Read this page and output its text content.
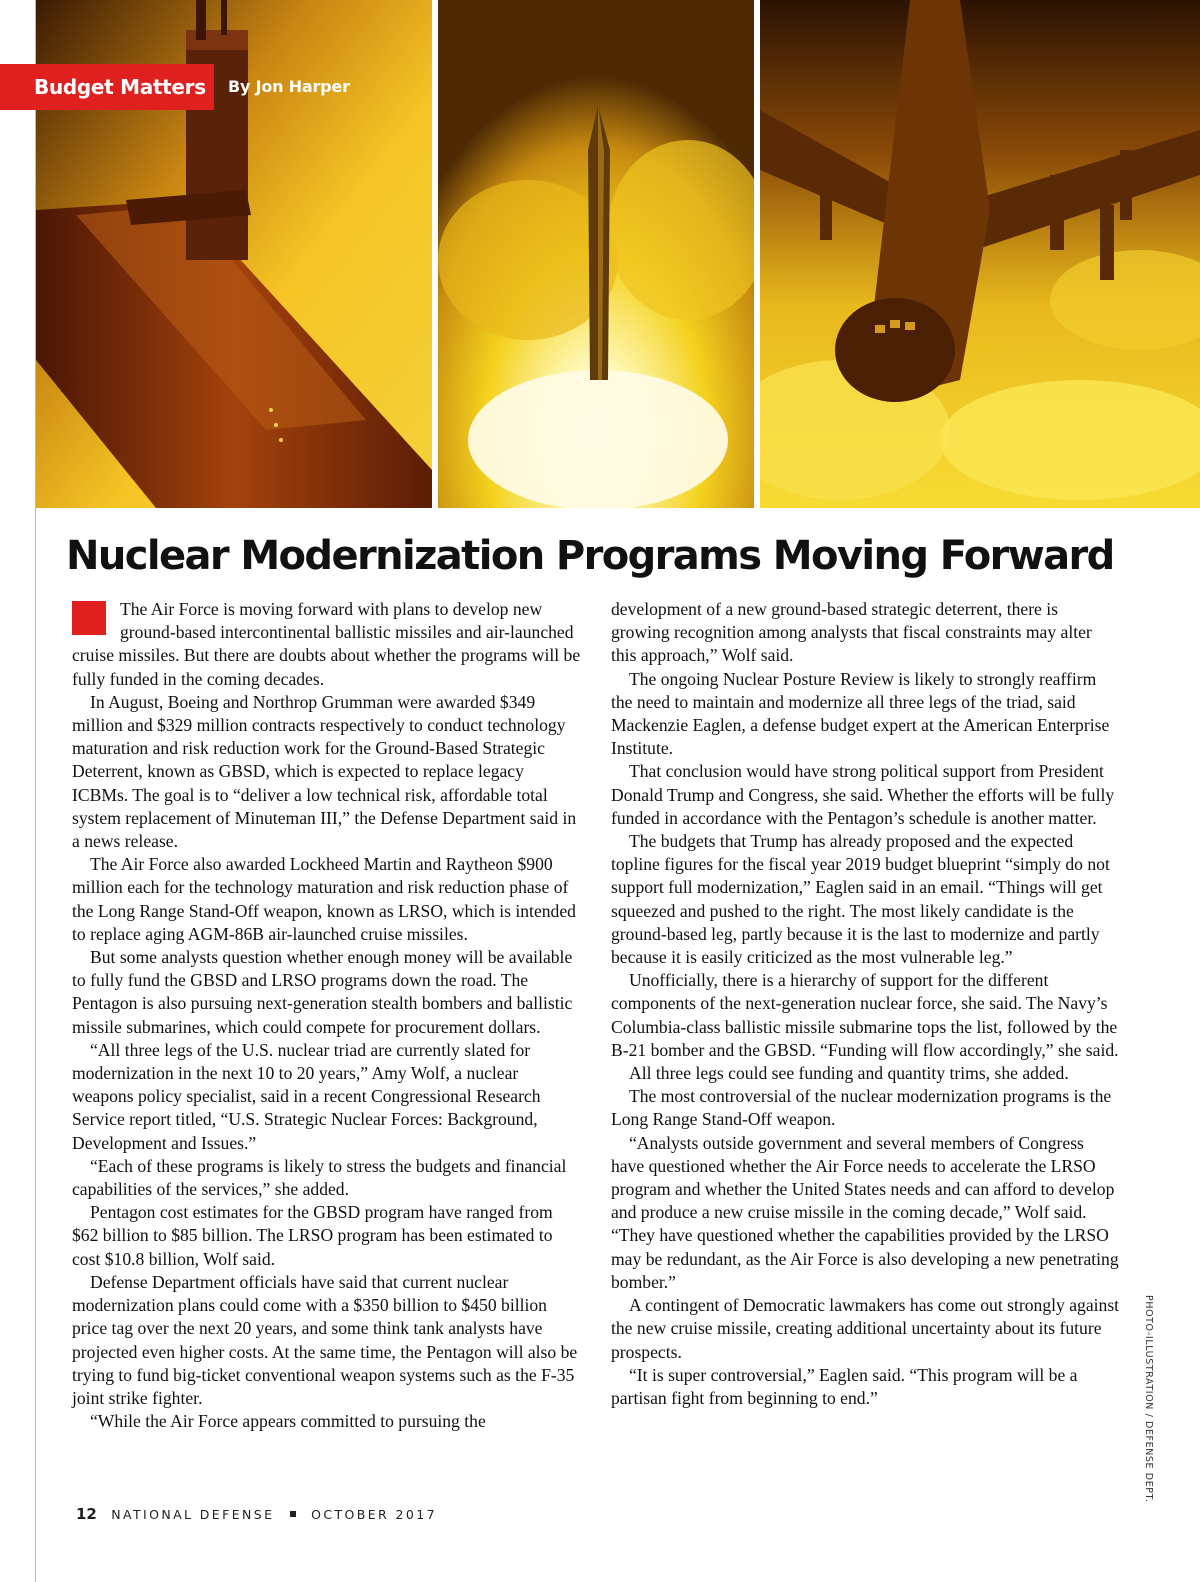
Budget Matters	By Jon Harper
Nuclear Modernization Programs Moving Forward

The Air Force is moving forward with plans to develop new ground-based intercontinental ballistic missiles and air-launched cruise missiles. But there are doubts about whether the programs will be fully funded in the coming decades.

In August, Boeing and Northrop Grumman were awarded $349 million and $329 million contracts respectively to conduct technology maturation and risk reduction work for the Ground-Based Strategic Deterrent, known as GBSD, which is expected to replace legacy ICBMs. The goal is to “deliver a low technical risk, affordable total system replacement of Minuteman III,” the Defense Department said in a news release.

The Air Force also awarded Lockheed Martin and Raytheon $900 million each for the technology maturation and risk reduction phase of the Long Range Stand-Off weapon, known as LRSO, which is intended to replace aging AGM-86B air-launched cruise missiles.

But some analysts question whether enough money will be available to fully fund the GBSD and LRSO programs down the road. The Pentagon is also pursuing next-generation stealth bombers and ballistic missile submarines, which could compete for procurement dollars.

“All three legs of the U.S. nuclear triad are currently slated for modernization in the next 10 to 20 years,” Amy Wolf, a nuclear weapons policy specialist, said in a recent Congressional Research Service report titled, “U.S. Strategic Nuclear Forces: Background, Development and Issues.”

“Each of these programs is likely to stress the budgets and financial capabilities of the services,” she added.

Pentagon cost estimates for the GBSD program have ranged from $62 billion to $85 billion. The LRSO program has been estimated to cost $10.8 billion, Wolf said.

Defense Department officials have said that current nuclear modernization plans could come with a $350 billion to $450 billion price tag over the next 20 years, and some think tank analysts have projected even higher costs. At the same time, the Pentagon will also be trying to fund big-ticket conventional weapon systems such as the F-35 joint strike fighter.

“While the Air Force appears committed to pursuing the

development of a new ground-based strategic deterrent, there is growing recognition among analysts that fiscal constraints may alter this approach,” Wolf said.

The ongoing Nuclear Posture Review is likely to strongly reaffirm the need to maintain and modernize all three legs of the triad, said Mackenzie Eaglen, a defense budget expert at the American Enterprise Institute.

That conclusion would have strong political support from President Donald Trump and Congress, she said. Whether the efforts will be fully funded in accordance with the Pentagon’s schedule is another matter.

The budgets that Trump has already proposed and the expected topline figures for the fiscal year 2019 budget blueprint “simply do not support full modernization,” Eaglen said in an email. “Things will get squeezed and pushed to the right. The most likely candidate is the ground-based leg, partly because it is the last to modernize and partly because it is easily criticized as the most vulnerable leg.”

Unofficially, there is a hierarchy of support for the different components of the next-generation nuclear force, she said. The Navy’s Columbia-class ballistic missile submarine tops the list, followed by the B-21 bomber and the GBSD. “Funding will flow accordingly,” she said.

All three legs could see funding and quantity trims, she added.

The most controversial of the nuclear modernization programs is the Long Range Stand-Off weapon.

“Analysts outside government and several members of Congress have questioned whether the Air Force needs to accelerate the LRSO program and whether the United States needs and can afford to develop and produce a new cruise missile in the coming decade,” Wolf said. “They have questioned whether the capabilities provided by the LRSO may be redundant, as the Air Force is also developing a new penetrating bomber.”

A contingent of Democratic lawmakers has come out strongly against the new cruise missile, creating additional uncertainty about its future prospects.

“It is super controversial,” Eaglen said. “This program will be a partisan fight from beginning to end.”

12 NATIONAL DEFENSE	OCTOBER 2017
PHOTO-ILLUSTRATION / DEFENSE DEPT.
